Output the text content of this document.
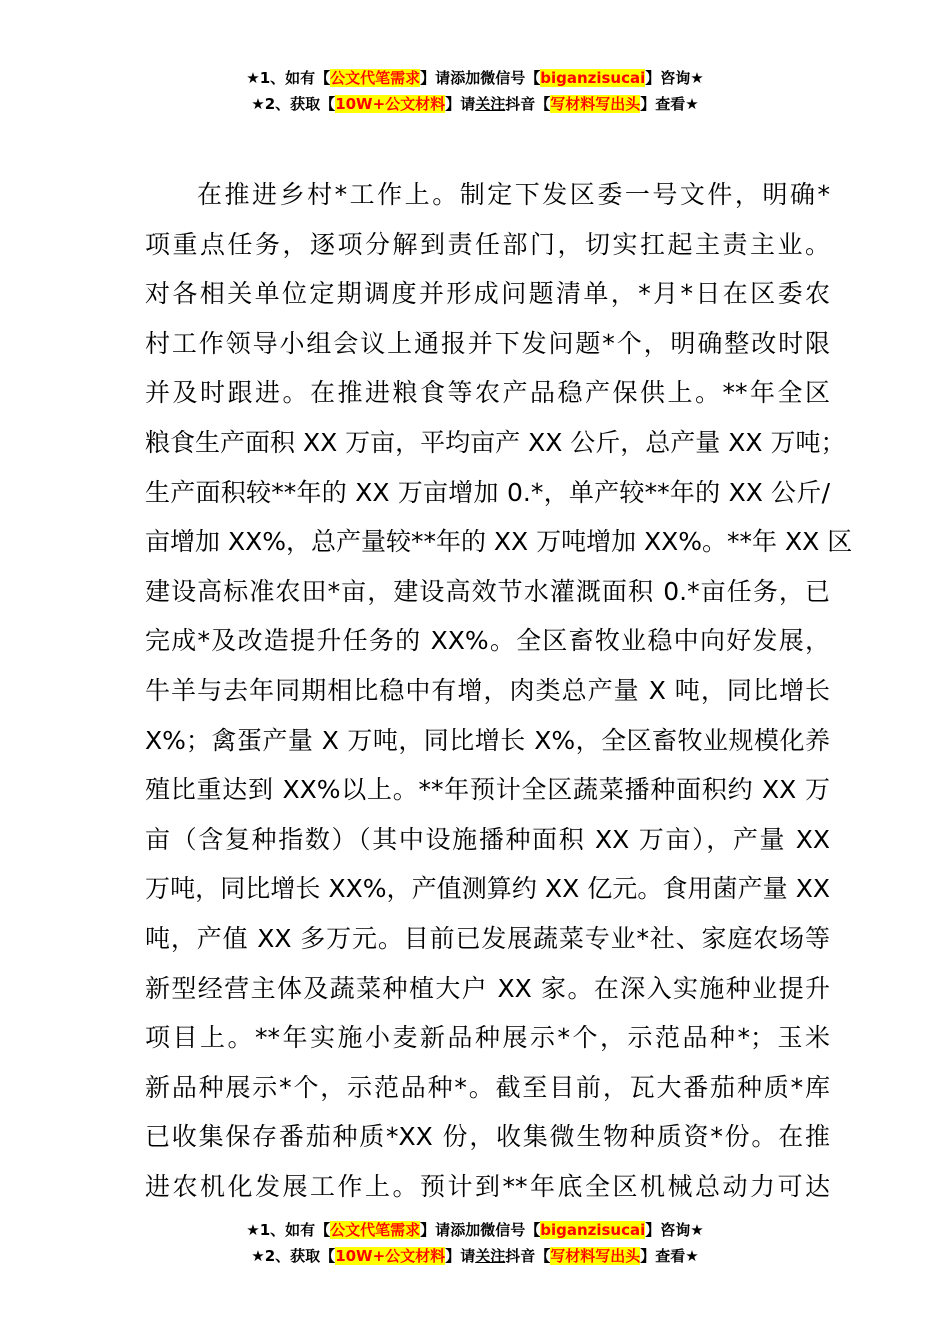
★1、如有【公文代笔需求】请添加微信号【biganzisucai】咨询★
★2、获取【10W+公文材料】请关注抖音【写材料写出头】查看★
在推进乡村*工作上。制定下发区委一号文件，明确*
项重点任务，逐项分解到责任部门，切实扛起主责主业。
对各相关单位定期调度并形成问题清单，*月*日在区委农
村工作领导小组会议上通报并下发问题*个，明确整改时限
并及时跟进。在推进粮食等农产品稳产保供上。**年全区
粮食生产面积 XX 万亩，平均亩产 XX 公斤，总产量 XX 万吨；
生产面积较**年的 XX 万亩增加 0.*，单产较**年的 XX 公斤/
亩增加 XX%，总产量较**年的 XX 万吨增加 XX%。**年 XX 区
建设高标准农田*亩，建设高效节水灌溉面积 0.*亩任务，已
完成*及改造提升任务的 XX%。全区畜牧业稳中向好发展，
牛羊与去年同期相比稳中有增，肉类总产量 X 吨，同比增长
X%；禽蛋产量 X 万吨，同比增长 X%，全区畜牧业规模化养
殖比重达到 XX%以上。**年预计全区蔬菜播种面积约 XX 万
亩（含复种指数）（其中设施播种面积 XX 万亩），产量 XX
万吨，同比增长 XX%，产值测算约 XX 亿元。食用菌产量 XX
吨，产值 XX 多万元。目前已发展蔬菜专业*社、家庭农场等
新型经营主体及蔬菜种植大户 XX 家。在深入实施种业提升
项目上。**年实施小麦新品种展示*个，示范品种*；玉米
新品种展示*个，示范品种*。截至目前，瓦大番茄种质*库
已收集保存番茄种质*XX 份，收集微生物种质资*份。在推
进农机化发展工作上。预计到**年底全区机械总动力可达
★1、如有【公文代笔需求】请添加微信号【biganzisucai】咨询★
★2、获取【10W+公文材料】请关注抖音【写材料写出头】查看★
